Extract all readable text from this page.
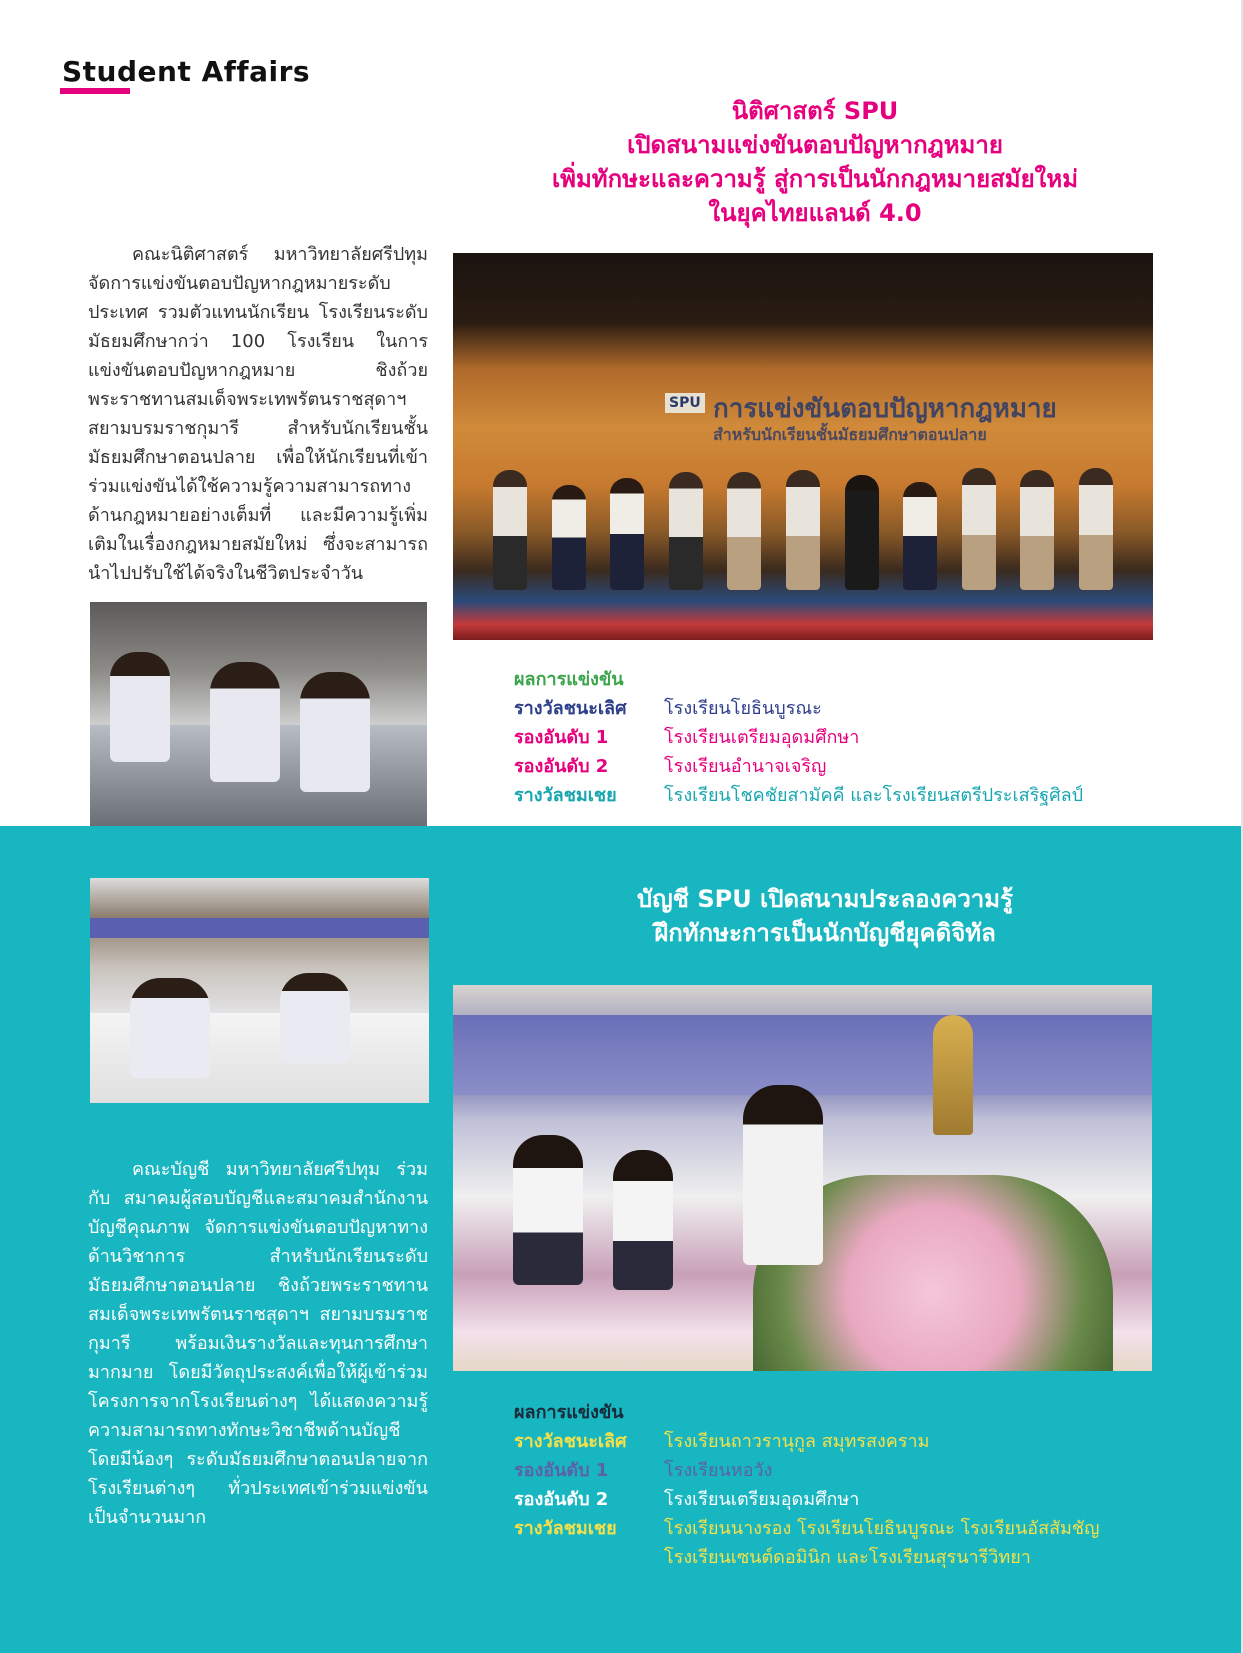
Student Affairs
นิติศาสตร์ SPU
เปิดสนามแข่งขันตอบปัญหากฎหมาย
เพิ่มทักษะและความรู้ สู่การเป็นนักกฎหมายสมัยใหม่
ในยุคไทยแลนด์ 4.0

คณะนิติศาสตร์ มหาวิทยาลัยศรีปทุม จัดการแข่งขันตอบปัญหากฎหมายระดับประเทศ รวมตัวแทนนักเรียน โรงเรียนระดับมัธยมศึกษากว่า 100 โรงเรียน ในการแข่งขันตอบปัญหากฎหมาย ชิงถ้วยพระราชทานสมเด็จพระเทพรัตนราชสุดาฯ สยามบรมราชกุมารี สำหรับนักเรียนชั้นมัธยมศึกษาตอนปลาย เพื่อให้นักเรียนที่เข้าร่วมแข่งขันได้ใช้ความรู้ความสามารถทางด้านกฎหมายอย่างเต็มที่ และมีความรู้เพิ่มเติมในเรื่องกฎหมายสมัยใหม่ ซึ่งจะสามารถนำไปปรับใช้ได้จริงในชีวิตประจำวัน

SPU การแข่งขันตอบปัญหากฎหมาย
สำหรับนักเรียนชั้นมัธยมศึกษาตอนปลาย
ผลการแข่งขัน
รางวัลชนะเลิศ	โรงเรียนโยธินบูรณะ
รองอันดับ 1	โรงเรียนเตรียมอุดมศึกษา
รองอันดับ 2	โรงเรียนอำนาจเจริญ
รางวัลชมเชย	โรงเรียนโชคชัยสามัคคี และโรงเรียนสตรีประเสริฐศิลป์
บัญชี SPU เปิดสนามประลองความรู้
ฝึกทักษะการเป็นนักบัญชียุคดิจิทัล

คณะบัญชี มหาวิทยาลัยศรีปทุม ร่วมกับ สมาคมผู้สอบบัญชีและสมาคมสำนักงานบัญชีคุณภาพ จัดการแข่งขันตอบปัญหาทางด้านวิชาการ สำหรับนักเรียนระดับมัธยมศึกษาตอนปลาย ชิงถ้วยพระราชทานสมเด็จพระเทพรัตนราชสุดาฯ สยามบรมราชกุมารี พร้อมเงินรางวัลและทุนการศึกษามากมาย โดยมีวัตถุประสงค์เพื่อให้ผู้เข้าร่วมโครงการจากโรงเรียนต่างๆ ได้แสดงความรู้ความสามารถทางทักษะวิชาชีพด้านบัญชี โดยมีน้องๆ ระดับมัธยมศึกษาตอนปลายจากโรงเรียนต่างๆ ทั่วประเทศเข้าร่วมแข่งขันเป็นจำนวนมาก

ผลการแข่งขัน
รางวัลชนะเลิศ	โรงเรียนถาวรานุกูล สมุทรสงคราม
รองอันดับ 1	โรงเรียนหอวัง
รองอันดับ 2	โรงเรียนเตรียมอุดมศึกษา
รางวัลชมเชย	โรงเรียนนางรอง โรงเรียนโยธินบูรณะ โรงเรียนอัสสัมชัญ
โรงเรียนเซนต์ดอมินิก และโรงเรียนสุรนารีวิทยา
